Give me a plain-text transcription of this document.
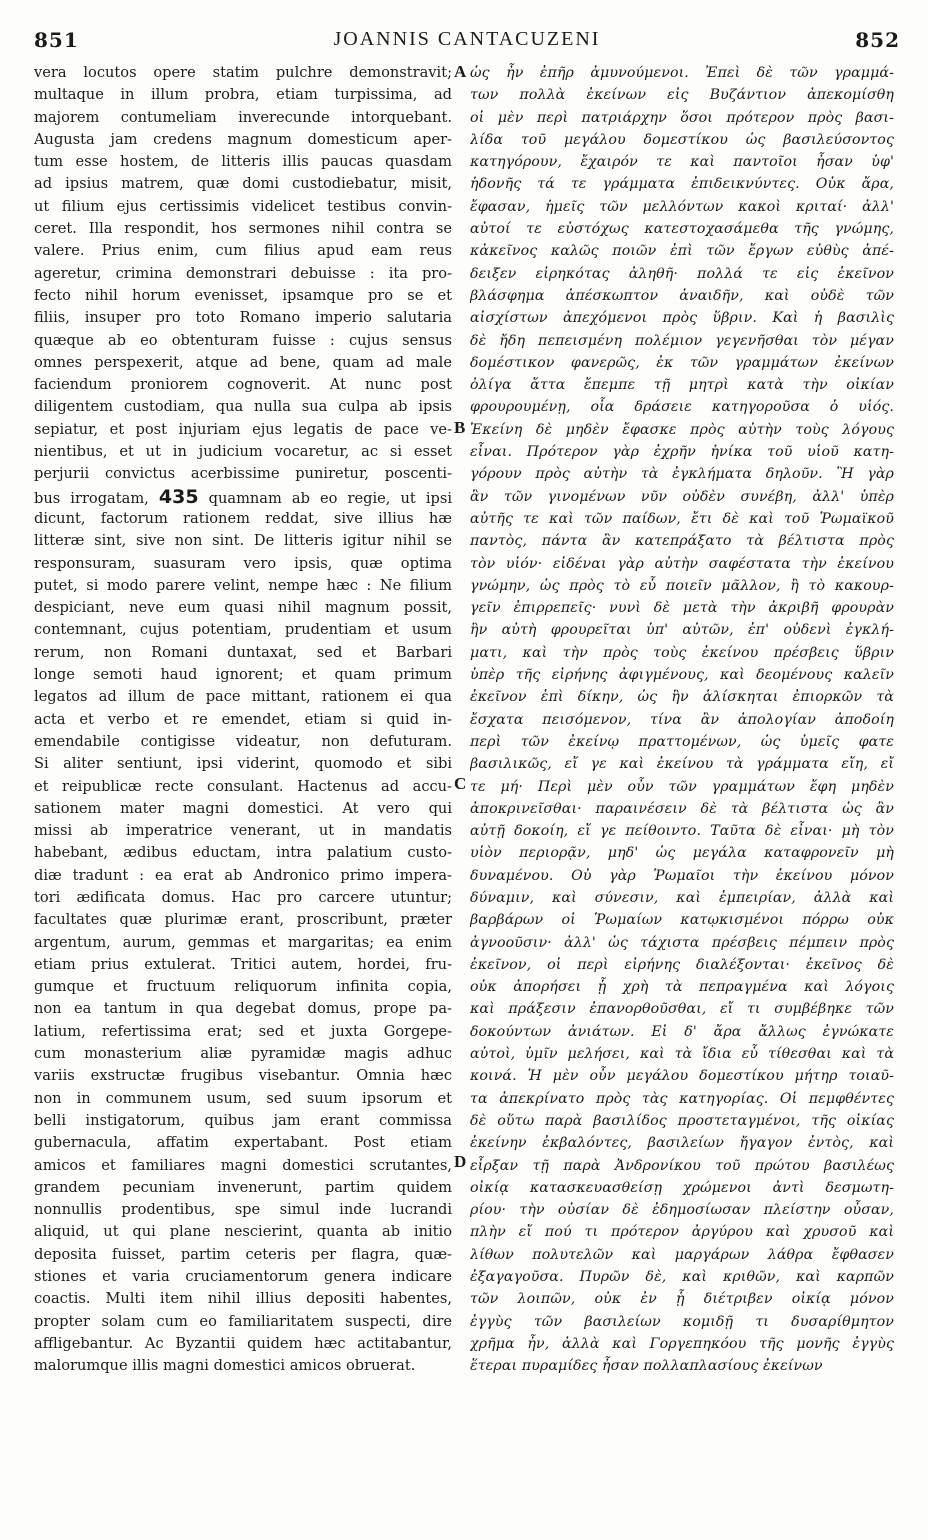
851	JOANNIS CANTACUZENI	852
vera locutos opere statim pulchre demonstravit;
multaque in illum probra, etiam turpissima, ad
majorem contumeliam inverecunde intorquebant.
Augusta jam credens magnum domesticum aper-
tum esse hostem, de litteris illis paucas quasdam
ad ipsius matrem, quæ domi custodiebatur, misit,
ut filium ejus certissimis videlicet testibus convin-
ceret. Illa respondit, hos sermones nihil contra se
valere. Prius enim, cum filius apud eam reus
ageretur, crimina demonstrari debuisse : ita pro-
fecto nihil horum evenisset, ipsamque pro se et
filiis, insuper pro toto Romano imperio salutaria
quæque ab eo obtenturam fuisse : cujus sensus
omnes perspexerit, atque ad bene, quam ad male
faciendum proniorem cognoverit. At nunc post
diligentem custodiam, qua nulla sua culpa ab ipsis
sepiatur, et post injuriam ejus legatis de pace ve-
nientibus, et ut in judicium vocaretur, ac si esset
perjurii convictus acerbissime puniretur, poscenti-
bus irrogatam, 435 quamnam ab eo regie, ut ipsi
dicunt, factorum rationem reddat, sive illius hæ
litteræ sint, sive non sint. De litteris igitur nihil se
responsuram, suasuram vero ipsis, quæ optima
putet, si modo parere velint, nempe hæc : Ne filium
despiciant, neve eum quasi nihil magnum possit,
contemnant, cujus potentiam, prudentiam et usum
rerum, non Romani duntaxat, sed et Barbari
longe semoti haud ignorent; et quam primum
legatos ad illum de pace mittant, rationem ei qua
acta et verbo et re emendet, etiam si quid in-
emendabile contigisse videatur, non defuturam.
Si aliter sentiunt, ipsi viderint, quomodo et sibi
et reipublicæ recte consulant. Hactenus ad accu-
sationem mater magni domestici. At vero qui
missi ab imperatrice venerant, ut in mandatis
habebant, ædibus eductam, intra palatium custo-
diæ tradunt : ea erat ab Andronico primo impera-
tori ædificata domus. Hac pro carcere utuntur;
facultates quæ plurimæ erant, proscribunt, præter
argentum, aurum, gemmas et margaritas; ea enim
etiam prius extulerat. Tritici autem, hordei, fru-
gumque et fructuum reliquorum infinita copia,
non ea tantum in qua degebat domus, prope pa-
latium, refertissima erat; sed et juxta Gorgepe-
cum monasterium aliæ pyramidæ magis adhuc
variis exstructæ frugibus visebantur. Omnia hæc
non in communem usum, sed suum ipsorum et
belli instigatorum, quibus jam erant commissa
gubernacula, affatim expertabant. Post etiam
amicos et familiares magni domestici scrutantes,
grandem pecuniam invenerunt, partim quidem
nonnullis prodentibus, spe simul inde lucrandi
aliquid, ut qui plane nescierint, quanta ab initio
deposita fuisset, partim ceteris per flagra, quæ-
stiones et varia cruciamentorum genera indicare
coactis. Multi item nihil illius depositi habentes,
propter solam cum eo familiaritatem suspecti, dire
affligebantur. Ac Byzantii quidem hæc actitabantur,
malorumque illis magni domestici amicos obruerat.
ὡς ἦν ἐπῆρ ἀμυνούμενοι. Ἐπεὶ δὲ τῶν γραμμά-
των πολλὰ ἐκείνων εἰς Βυζάντιον ἀπεκομίσθη
οἱ μὲν περὶ πατριάρχην ὅσοι πρότερον πρὸς βασι-
λίδα τοῦ μεγάλου δομεστίκου ὡς βασιλεύσοντος
κατηγόρουν, ἔχαιρόν τε καὶ παντοῖοι ἦσαν ὑφ'
ἡδονῆς τά τε γράμματα ἐπιδεικνύντες. Οὐκ ἄρα,
ἔφασαν, ἡμεῖς τῶν μελλόντων κακοὶ κριταί· ἀλλ'
αὐτοί τε εὐστόχως κατεστοχασάμεθα τῆς γνώμης,
κἀκεῖνος καλῶς ποιῶν ἐπὶ τῶν ἔργων εὐθὺς ἀπέ-
δειξεν εἰρηκότας ἀληθῆ· πολλά τε εἰς ἐκεῖνον
βλάσφημα ἀπέσκωπτον ἀναιδῆν, καὶ οὐδὲ τῶν
αἰσχίστων ἀπεχόμενοι πρὸς ὕβριν. Καὶ ἡ βασιλὶς
δὲ ἤδη πεπεισμένη πολέμιον γεγενῆσθαι τὸν μέγαν
δομέστικον φανερῶς, ἐκ τῶν γραμμάτων ἐκείνων
ὀλίγα ἄττα ἔπεμπε τῇ μητρὶ κατὰ τὴν οἰκίαν
φρουρουμένῃ, οἷα δράσειε κατηγοροῦσα ὁ υἱός.
Ἐκείνη δὲ μηδὲν ἔφασκε πρὸς αὐτὴν τοὺς λόγους
εἶναι. Πρότερον γὰρ ἐχρῆν ἡνίκα τοῦ υἱοῦ κατη-
γόρουν πρὸς αὐτὴν τὰ ἐγκλήματα δηλοῦν. Ἢ γὰρ
ἂν τῶν γινομένων νῦν οὐδὲν συνέβη, ἀλλ' ὑπὲρ
αὐτῆς τε καὶ τῶν παίδων, ἔτι δὲ καὶ τοῦ Ῥωμαϊκοῦ
παντὸς, πάντα ἂν κατεπράξατο τὰ βέλτιστα πρὸς
τὸν υἱόν· εἰδέναι γὰρ αὐτὴν σαφέστατα τὴν ἐκείνου
γνώμην, ὡς πρὸς τὸ εὖ ποιεῖν μᾶλλον, ἢ τὸ κακουρ-
γεῖν ἐπιρρεπεῖς· νυνὶ δὲ μετὰ τὴν ἀκριβῆ φρουρὰν
ἣν αὐτὴ φρουρεῖται ὑπ' αὐτῶν, ἐπ' οὐδενὶ ἐγκλή-
ματι, καὶ τὴν πρὸς τοὺς ἐκείνου πρέσβεις ὕβριν
ὑπὲρ τῆς εἰρήνης ἀφιγμένους, καὶ δεομένους καλεῖν
ἐκεῖνον ἐπὶ δίκην, ὡς ἢν ἁλίσκηται ἐπιορκῶν τὰ
ἔσχατα πεισόμενον, τίνα ἂν ἀπολογίαν ἀποδοίη
περὶ τῶν ἐκείνῳ πραττομένων, ὡς ὑμεῖς φατε
βασιλικῶς, εἴ γε καὶ ἐκείνου τὰ γράμματα εἴη, εἴ
τε μή· Περὶ μὲν οὖν τῶν γραμμάτων ἔφη μηδὲν
ἀποκρινεῖσθαι· παραινέσειν δὲ τὰ βέλτιστα ὡς ἂν
αὐτῇ δοκοίη, εἴ γε πείθοιντο. Ταῦτα δὲ εἶναι· μὴ τὸν
υἱὸν περιορᾷν, μηδ' ὡς μεγάλα καταφρονεῖν μὴ
δυναμένου. Οὐ γὰρ Ῥωμαῖοι τὴν ἐκείνου μόνον
δύναμιν, καὶ σύνεσιν, καὶ ἐμπειρίαν, ἀλλὰ καὶ
βαρβάρων οἱ Ῥωμαίων κατῳκισμένοι πόρρω οὐκ
ἀγνοοῦσιν· ἀλλ' ὡς τάχιστα πρέσβεις πέμπειν πρὸς
ἐκεῖνον, οἱ περὶ εἰρήνης διαλέξονται· ἐκεῖνος δὲ
οὐκ ἀπορήσει ᾗ χρὴ τὰ πεπραγμένα καὶ λόγοις
καὶ πράξεσιν ἐπανορθοῦσθαι, εἴ τι συμβέβηκε τῶν
δοκούντων ἀνιάτων. Εἰ δ' ἄρα ἄλλως ἐγνώκατε
αὐτοὶ, ὑμῖν μελήσει, καὶ τὰ ἴδια εὖ τίθεσθαι καὶ τὰ
κοινά. Ἡ μὲν οὖν μεγάλου δομεστίκου μήτηρ τοιαῦ-
τα ἀπεκρίνατο πρὸς τὰς κατηγορίας. Οἱ πεμφθέντες
δὲ οὕτω παρὰ βασιλίδος προστεταγμένοι, τῆς οἰκίας
ἐκείνην ἐκβαλόντες, βασιλείων ἤγαγον ἐντὸς, καὶ
εἶρξαν τῇ παρὰ Ἀνδρονίκου τοῦ πρώτου βασιλέως
οἰκίᾳ κατασκευασθείσῃ χρώμενοι ἀντὶ δεσμωτη-
ρίου· τὴν οὐσίαν δὲ ἐδημοσίωσαν πλείστην οὖσαν,
πλὴν εἴ πού τι πρότερον ἀργύρου καὶ χρυσοῦ καὶ
λίθων πολυτελῶν καὶ μαργάρων λάθρα ἔφθασεν
ἐξαγαγοῦσα. Πυρῶν δὲ, καὶ κριθῶν, καὶ καρπῶν
τῶν λοιπῶν, οὐκ ἐν ᾗ διέτριβεν οἰκίᾳ μόνον
ἐγγὺς τῶν βασιλείων κομιδῇ τι δυσαρίθμητον
χρῆμα ἦν, ἀλλὰ καὶ Γοργεπηκόου τῆς μονῆς ἐγγὺς
ἕτεραι πυραμίδες ἦσαν πολλαπλασίους ἐκείνων
A
B
C
D
